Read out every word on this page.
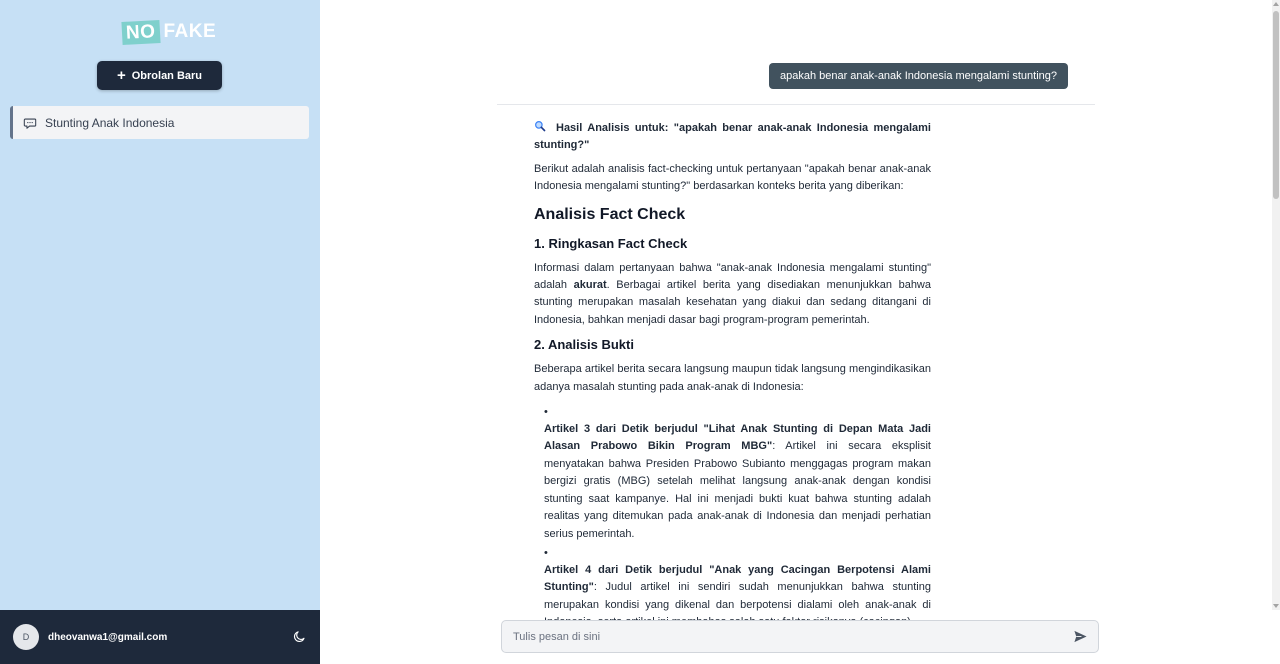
NO FAKE
+ Obrolan Baru
Stunting Anak Indonesia
D	dheovanwa1@gmail.com
apakah benar anak-anak Indonesia mengalami stunting?

Hasil Analisis untuk: "apakah benar anak-anak Indonesia mengalami stunting?"

Berikut adalah analisis fact-checking untuk pertanyaan "apakah benar anak-anak Indonesia mengalami stunting?" berdasarkan konteks berita yang diberikan:

Analisis Fact Check
1. Ringkasan Fact Check

Informasi dalam pertanyaan bahwa "anak-anak Indonesia mengalami stunting" adalah akurat. Berbagai artikel berita yang disediakan menunjukkan bahwa stunting merupakan masalah kesehatan yang diakui dan sedang ditangani di Indonesia, bahkan menjadi dasar bagi program-program pemerintah.

2. Analisis Bukti

Beberapa artikel berita secara langsung maupun tidak langsung mengindikasikan adanya masalah stunting pada anak-anak di Indonesia:

•

Artikel 3 dari Detik berjudul "Lihat Anak Stunting di Depan Mata Jadi Alasan Prabowo Bikin Program MBG": Artikel ini secara eksplisit menyatakan bahwa Presiden Prabowo Subianto menggagas program makan bergizi gratis (MBG) setelah melihat langsung anak-anak dengan kondisi stunting saat kampanye. Hal ini menjadi bukti kuat bahwa stunting adalah realitas yang ditemukan pada anak-anak di Indonesia dan menjadi perhatian serius pemerintah.

•

Artikel 4 dari Detik berjudul "Anak yang Cacingan Berpotensi Alami Stunting": Judul artikel ini sendiri sudah menunjukkan bahwa stunting merupakan kondisi yang dikenal dan berpotensi dialami oleh anak-anak di

Tulis pesan di sini
